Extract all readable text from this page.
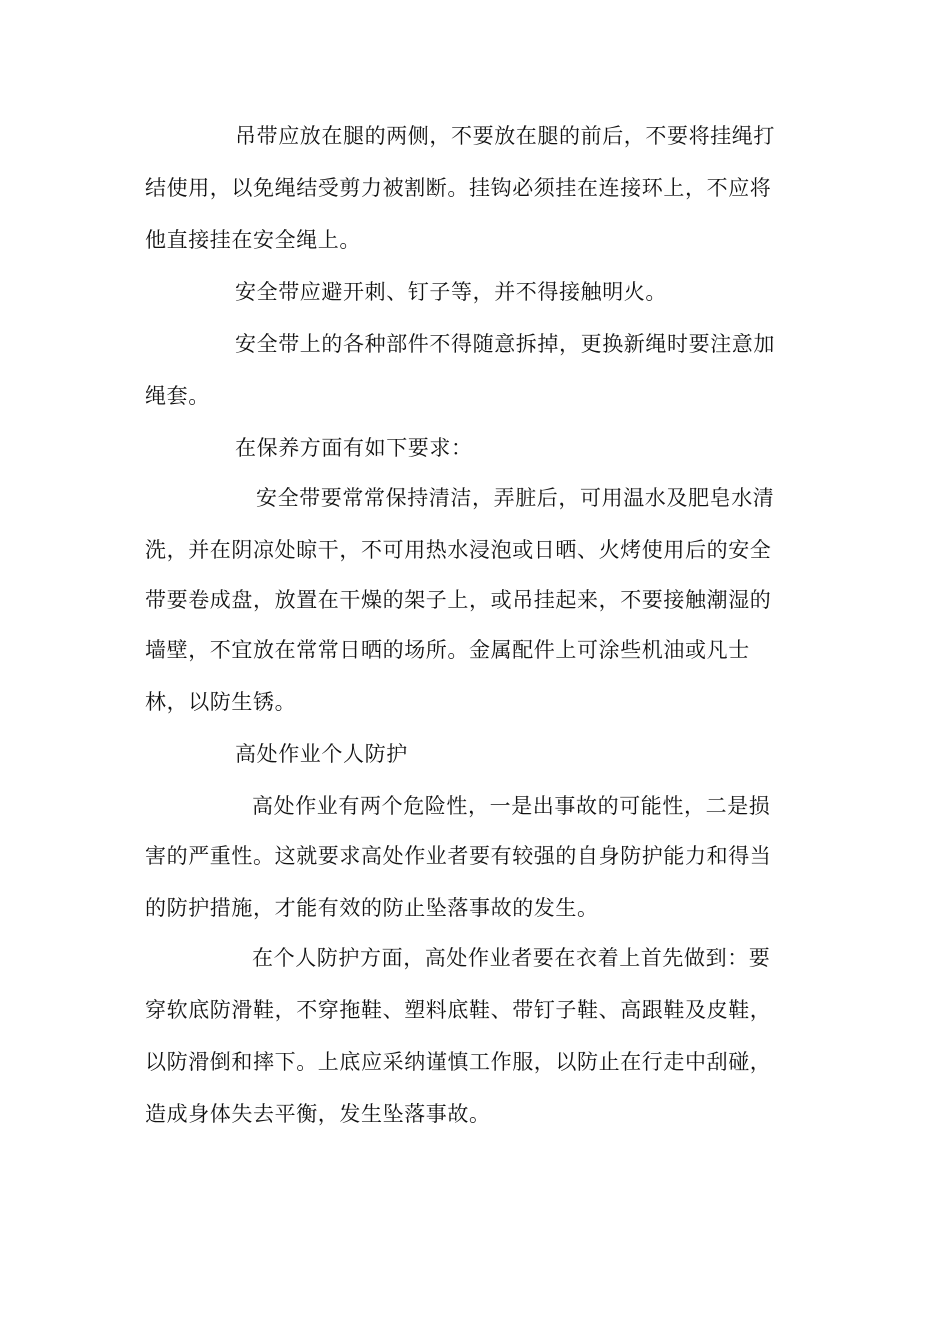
吊带应放在腿的两侧，不要放在腿的前后，不要将挂绳打
结使用，以免绳结受剪力被割断。挂钩必须挂在连接环上，不应将
他直接挂在安全绳上。
安全带应避开刺、钉子等，并不得接触明火。
安全带上的各种部件不得随意拆掉，更换新绳时要注意加
绳套。
在保养方面有如下要求：
安全带要常常保持清洁，弄脏后，可用温水及肥皂水清
洗，并在阴凉处晾干，不可用热水浸泡或日晒、火烤使用后的安全
带要卷成盘，放置在干燥的架子上，或吊挂起来，不要接触潮湿的
墙壁，不宜放在常常日晒的场所。金属配件上可涂些机油或凡士
林，以防生锈。
高处作业个人防护
高处作业有两个危险性，一是出事故的可能性，二是损
害的严重性。这就要求高处作业者要有较强的自身防护能力和得当
的防护措施，才能有效的防止坠落事故的发生。
在个人防护方面，高处作业者要在衣着上首先做到：要
穿软底防滑鞋，不穿拖鞋、塑料底鞋、带钉子鞋、高跟鞋及皮鞋，
以防滑倒和摔下。上底应采纳谨慎工作服，以防止在行走中刮碰，
造成身体失去平衡，发生坠落事故。
